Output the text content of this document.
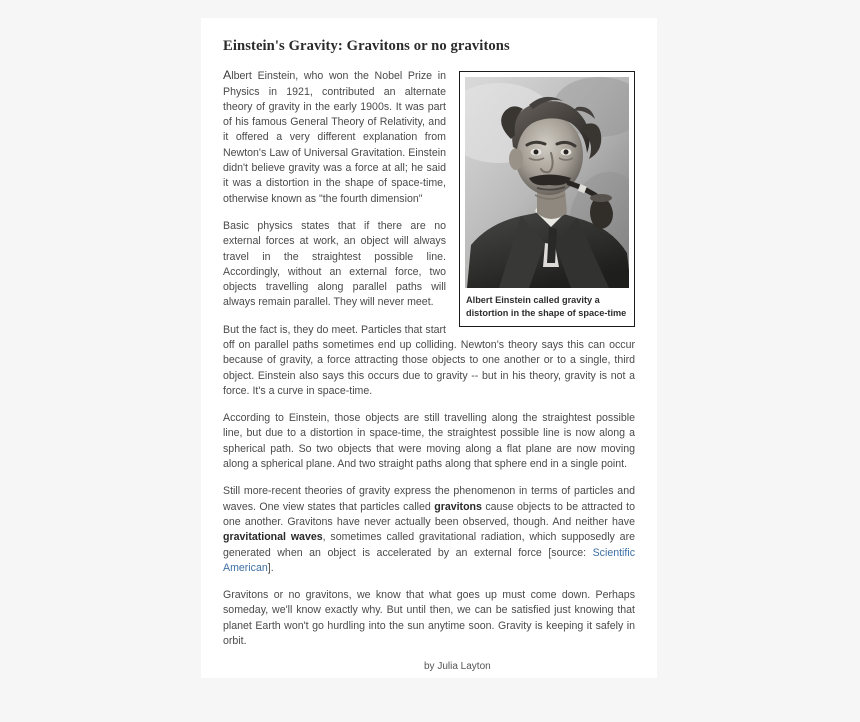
Einstein's Gravity: Gravitons or no gravitons
Albert Einstein called gravity a
distortion in the shape of space-time

Albert Einstein, who won the Nobel Prize in Physics in 1921, contributed an alternate theory of gravity in the early 1900s. It was part of his famous General Theory of Relativity, and it offered a very different explanation from Newton's Law of Universal Gravitation. Einstein didn't believe gravity was a force at all; he said it was a distortion in the shape of space-time, otherwise known as "the fourth dimension"

Basic physics states that if there are no external forces at work, an object will always travel in the straightest possible line. Accordingly, without an external force, two objects travelling along parallel paths will always remain parallel. They will never meet.

But the fact is, they do meet. Particles that start off on parallel paths sometimes end up colliding. Newton's theory says this can occur because of gravity, a force attracting those objects to one another or to a single, third object. Einstein also says this occurs due to gravity -- but in his theory, gravity is not a force. It's a curve in space-time.

According to Einstein, those objects are still travelling along the straightest possible line, but due to a distortion in space-time, the straightest possible line is now along a spherical path. So two objects that were moving along a flat plane are now moving along a spherical plane. And two straight paths along that sphere end in a single point.

Still more-recent theories of gravity express the phenomenon in terms of particles and waves. One view states that particles called gravitons cause objects to be attracted to one another. Gravitons have never actually been observed, though. And neither have gravitational waves, sometimes called gravitational radiation, which supposedly are generated when an object is accelerated by an external force [source: Scientific American].

Gravitons or no gravitons, we know that what goes up must come down. Perhaps someday, we'll know exactly why. But until then, we can be satisfied just knowing that planet Earth won't go hurdling into the sun anytime soon. Gravity is keeping it safely in orbit.

by Julia Layton
